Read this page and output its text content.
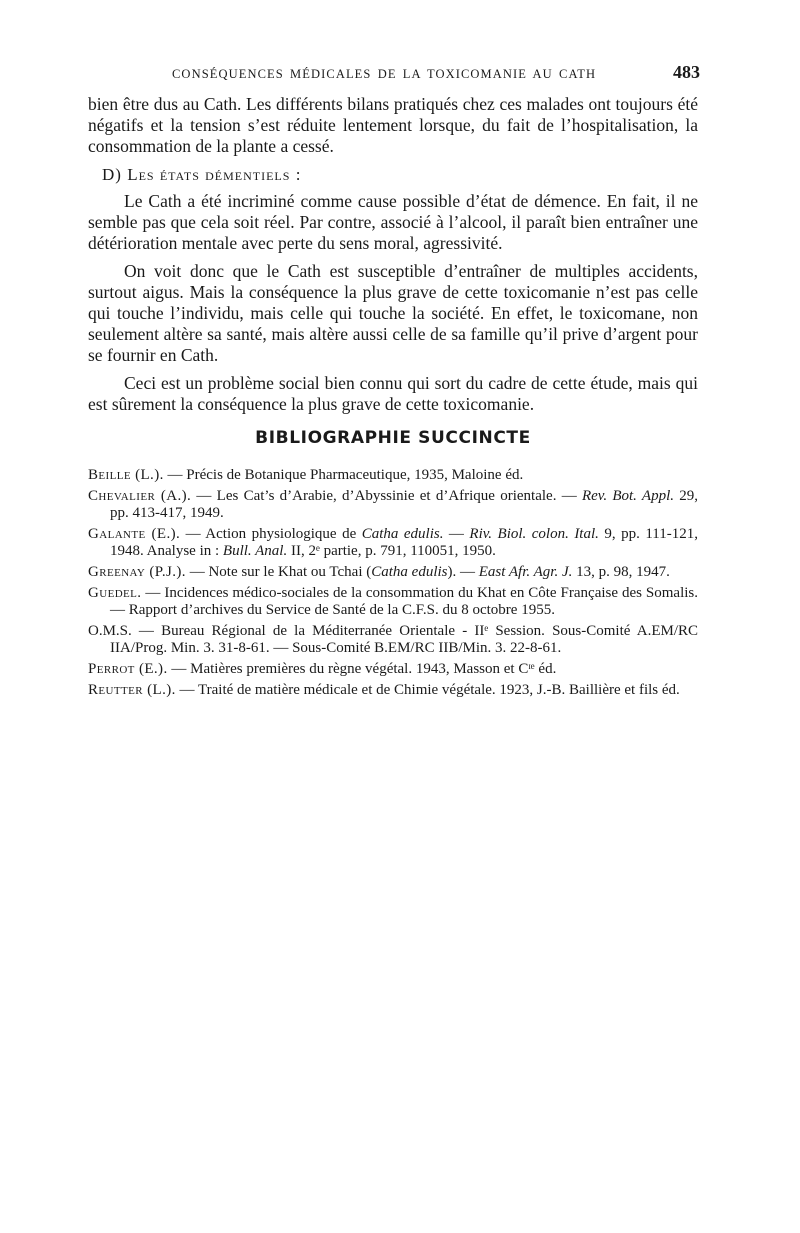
CONSÉQUENCES MÉDICALES DE LA TOXICOMANIE AU CATH	483

bien être dus au Cath. Les différents bilans pratiqués chez ces malades ont toujours été négatifs et la tension s’est réduite lentement lorsque, du fait de l’hospitalisation, la consommation de la plante a cessé.

D) Les états démentiels :

Le Cath a été incriminé comme cause possible d’état de démence. En fait, il ne semble pas que cela soit réel. Par contre, associé à l’alcool, il paraît bien entraîner une détérioration mentale avec perte du sens moral, agressivité.

On voit donc que le Cath est susceptible d’entraîner de multiples accidents, surtout aigus. Mais la conséquence la plus grave de cette toxicomanie n’est pas celle qui touche l’individu, mais celle qui touche la société. En effet, le toxicomane, non seulement altère sa santé, mais altère aussi celle de sa famille qu’il prive d’argent pour se fournir en Cath.

Ceci est un problème social bien connu qui sort du cadre de cette étude, mais qui est sûrement la conséquence la plus grave de cette toxicomanie.

BIBLIOGRAPHIE SUCCINCTE
Beille (L.). — Précis de Botanique Pharmaceutique, 1935, Maloine éd.
Chevalier (A.). — Les Cat’s d’Arabie, d’Abyssinie et d’Afrique orientale. — Rev. Bot. Appl. 29, pp. 413-417, 1949.
Galante (E.). — Action physiologique de Catha edulis. — Riv. Biol. colon. Ital. 9, pp. 111-121, 1948. Analyse in : Bull. Anal. II, 2ᵉ partie, p. 791, 110051, 1950.
Greenay (P.J.). — Note sur le Khat ou Tchai (Catha edulis). — East Afr. Agr. J. 13, p. 98, 1947.
Guedel. — Incidences médico-sociales de la consommation du Khat en Côte Française des Somalis. — Rapport d’archives du Service de Santé de la C.F.S. du 8 octobre 1955.
O.M.S. — Bureau Régional de la Méditerranée Orientale - IIᵉ Session. Sous-Comité A.EM/RC IIA/Prog. Min. 3. 31-8-61. — Sous-Comité B.EM/RC IIB/Min. 3. 22-8-61.
Perrot (E.). — Matières premières du règne végétal. 1943, Masson et Cᶦᵉ éd.
Reutter (L.). — Traité de matière médicale et de Chimie végétale. 1923, J.-B. Baillière et fils éd.
